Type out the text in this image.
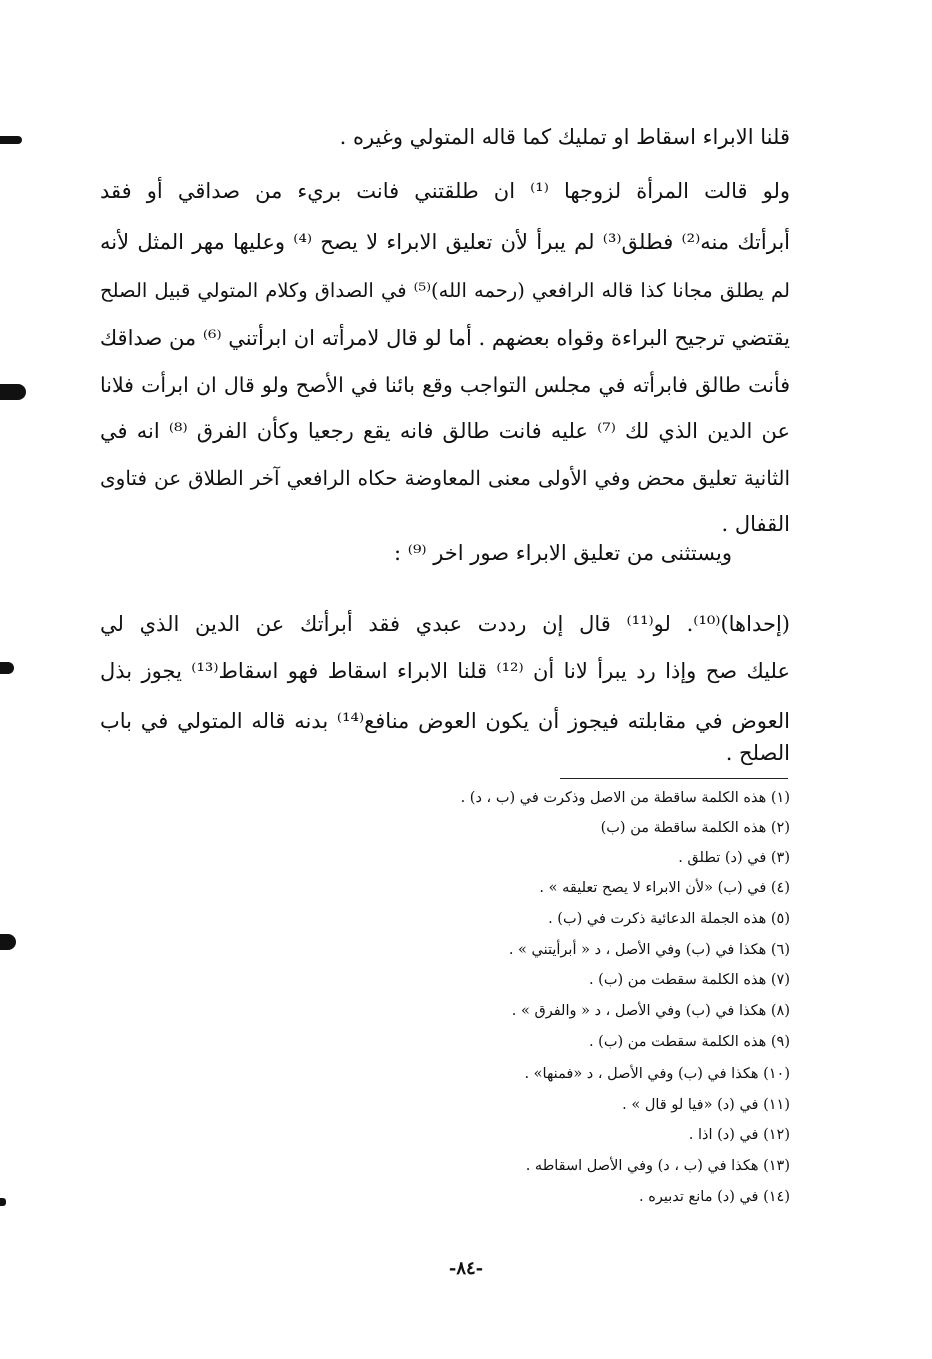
قلنا الابراء اسقاط او تمليك كما قاله المتولي وغيره .
ولو قالت المرأة لزوجها ⁽¹⁾ ان طلقتني فانت بريء من صداقي أو فقد
أبرأتك منه⁽²⁾ فطلق⁽³⁾ لم يبرأ لأن تعليق الابراء لا يصح ⁽⁴⁾ وعليها مهر المثل لأنه
لم يطلق مجانا كذا قاله الرافعي (رحمه الله)⁽⁵⁾ في الصداق وكلام المتولي قبيل الصلح
يقتضي ترجيح البراءة وقواه بعضهم . أما لو قال لامرأته ان ابرأتني ⁽⁶⁾ من صداقك
فأنت طالق فابرأته في مجلس التواجب وقع بائنا في الأصح ولو قال ان ابرأت فلانا
عن الدين الذي لك ⁽⁷⁾ عليه فانت طالق فانه يقع رجعيا وكأن الفرق ⁽⁸⁾ انه في
الثانية تعليق محض وفي الأولى معنى المعاوضة حكاه الرافعي آخر الطلاق عن فتاوى
القفال .
ويستثنى من تعليق الابراء صور اخر ⁽⁹⁾ :
(إحداها)⁽¹⁰⁾. لو⁽¹¹⁾ قال إن رددت عبدي فقد أبرأتك عن الدين الذي لي
عليك صح وإذا رد يبرأ لانا أن ⁽¹²⁾ قلنا الابراء اسقاط فهو اسقاط⁽¹³⁾ يجوز بذل
العوض في مقابلته فيجوز أن يكون العوض منافع⁽¹⁴⁾ بدنه قاله المتولي في باب
الصلح .
(١) هذه الكلمة ساقطة من الاصل وذكرت في (ب ، د) .
(٢) هذه الكلمة ساقطة من (ب)
(٣) في (د) تطلق .
(٤) في (ب) «لأن الابراء لا يصح تعليقه » .
(٥) هذه الجملة الدعائية ذكرت في (ب) .
(٦) هكذا في (ب) وفي الأصل ، د « أبرأيتني » .
(٧) هذه الكلمة سقطت من (ب) .
(٨) هكذا في (ب) وفي الأصل ، د « والفرق » .
(٩) هذه الكلمة سقطت من (ب) .
(١٠) هكذا في (ب) وفي الأصل ، د «فمنها» .
(١١) في (د) «فيا لو قال » .
(١٢) في (د) اذا .
(١٣) هكذا في (ب ، د) وفي الأصل اسقاطه .
(١٤) في (د) مانع تدبيره .
-٨٤-
